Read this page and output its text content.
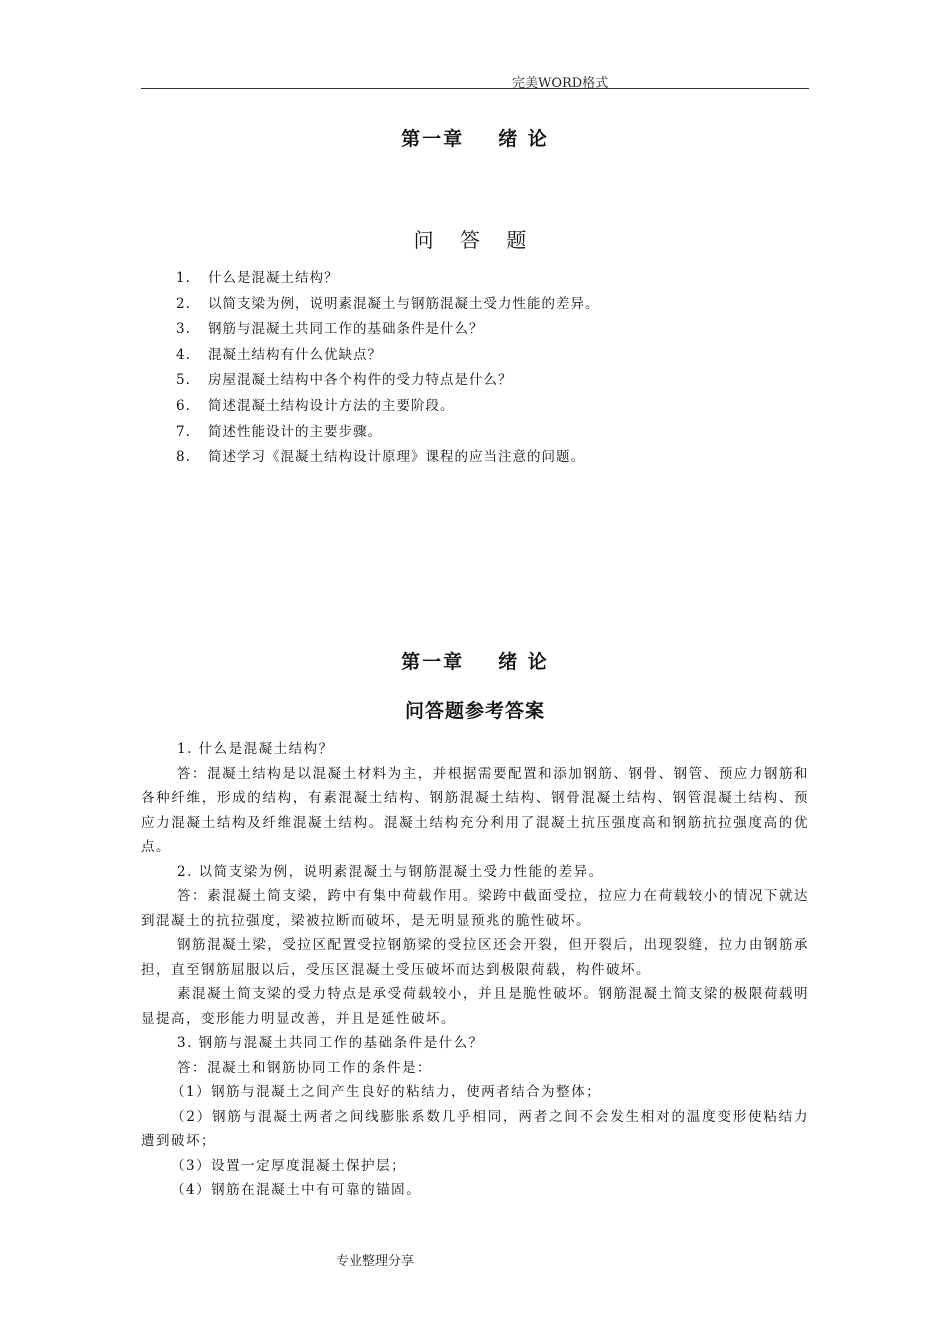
完美WORD格式
第一章 绪 论
问 答 题
1. 什么是混凝土结构？
2. 以简支梁为例，说明素混凝土与钢筋混凝土受力性能的差异。
3. 钢筋与混凝土共同工作的基础条件是什么？
4. 混凝土结构有什么优缺点？
5. 房屋混凝土结构中各个构件的受力特点是什么？
6. 简述混凝土结构设计方法的主要阶段。
7. 简述性能设计的主要步骤。
8. 简述学习《混凝土结构设计原理》课程的应当注意的问题。
第一章 绪 论
问答题参考答案

1. 什么是混凝土结构？

答：混凝土结构是以混凝土材料为主，并根据需要配置和添加钢筋、钢骨、钢管、预应力钢筋和各种纤维，形成的结构，有素混凝土结构、钢筋混凝土结构、钢骨混凝土结构、钢管混凝土结构、预应力混凝土结构及纤维混凝土结构。混凝土结构充分利用了混凝土抗压强度高和钢筋抗拉强度高的优点。

2. 以简支梁为例，说明素混凝土与钢筋混凝土受力性能的差异。

答：素混凝土简支梁，跨中有集中荷载作用。梁跨中截面受拉，拉应力在荷载较小的情况下就达到混凝土的抗拉强度，梁被拉断而破坏，是无明显预兆的脆性破坏。

钢筋混凝土梁，受拉区配置受拉钢筋梁的受拉区还会开裂，但开裂后，出现裂缝，拉力由钢筋承担，直至钢筋屈服以后，受压区混凝土受压破坏而达到极限荷载，构件破坏。

素混凝土简支梁的受力特点是承受荷载较小，并且是脆性破坏。钢筋混凝土简支梁的极限荷载明显提高，变形能力明显改善，并且是延性破坏。

3. 钢筋与混凝土共同工作的基础条件是什么？

答：混凝土和钢筋协同工作的条件是：

（1）钢筋与混凝土之间产生良好的粘结力，使两者结合为整体；

（2）钢筋与混凝土两者之间线膨胀系数几乎相同，两者之间不会发生相对的温度变形使粘结力遭到破坏；

（3）设置一定厚度混凝土保护层；

（4）钢筋在混凝土中有可靠的锚固。

专业整理分享
